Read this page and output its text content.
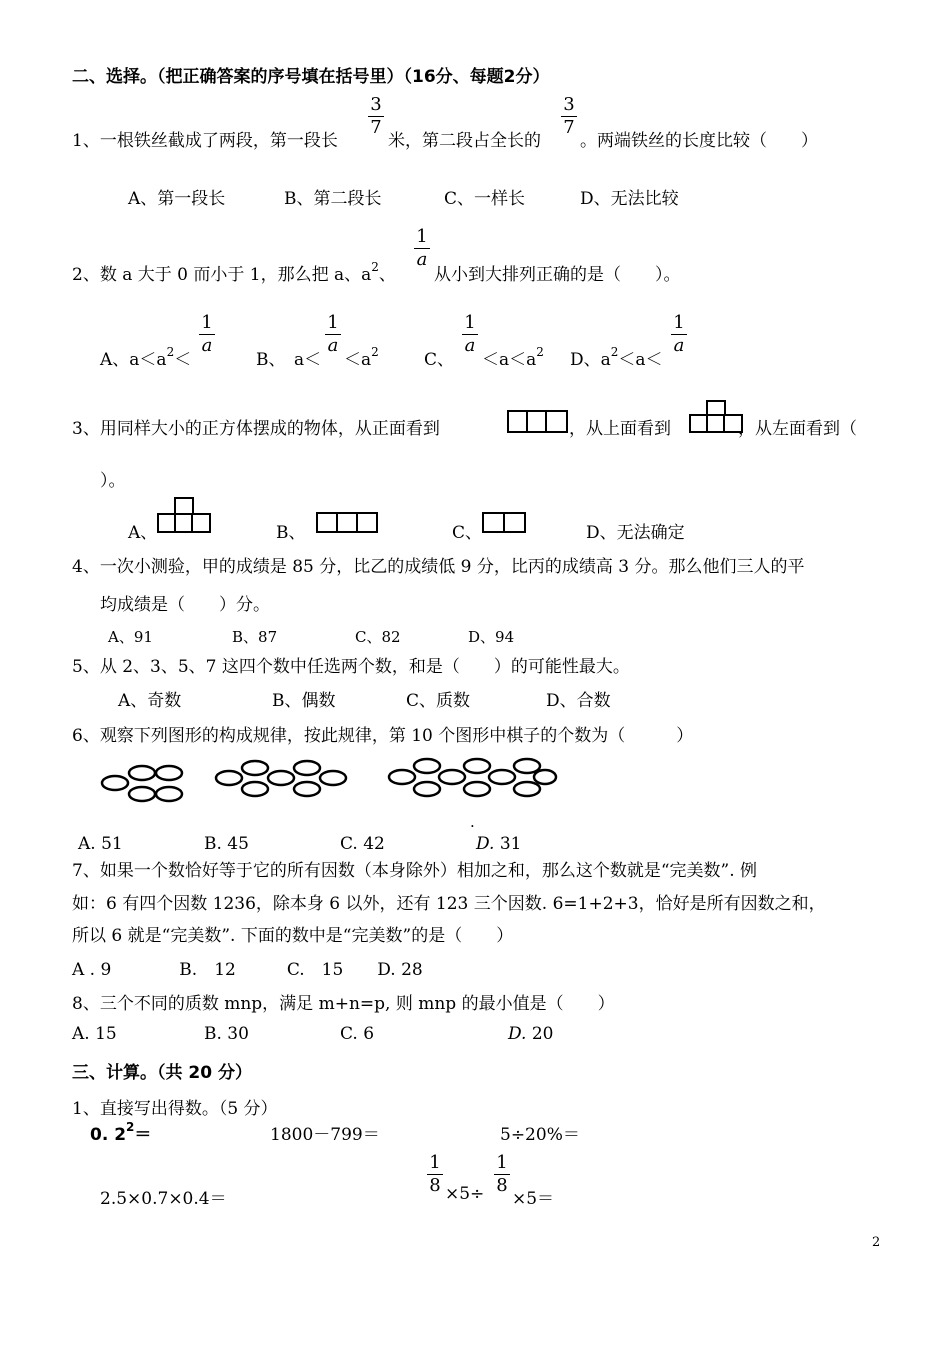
二、选择。（把正确答案的序号填在括号里）（16分、每题2分）
1、一根铁丝截成了两段，第一段长
3
7
米，第二段占全长的
3
7
。两端铁丝的长度比较（　　）
A、第一段长	B、第二段长	C、一样长	D、无法比较
2、数 a 大于 0 而小于 1，那么把 a、$a^2$、
1
a
从小到大排列正确的是（　　）。
A、$a<a^2<$
1
a
B、　a＜
1
a
$<a^2$	C、
1
a
$<a<a^2$ D、$a^2<a<$
1
a
3、用同样大小的正方体摆成的物体，从正面看到	，从上面看到	，从左面看到（
）。
A、	B、	C、	D、无法确定
4、一次小测验，甲的成绩是 85 分，比乙的成绩低 9 分，比丙的成绩高 3 分。那么他们三人的平
均成绩是（　　）分。
A、91	B、87	C、82	D、94
5、从 2、3、5、7 这四个数中任选两个数，和是（　　）的可能性最大。
A、奇数	B、偶数	C、质数	D、合数
6、观察下列图形的构成规律，按此规律，第 10 个图形中棋子的个数为（　　　）
.
A. 51	B. 45	C. 42	D. 31
7、如果一个数恰好等于它的所有因数（本身除外）相加之和，那么这个数就是“完美数”. 例
如：6 有四个因数 1236，除本身 6 以外，还有 123 三个因数. 6=1+2+3，恰好是所有因数之和，
所以 6 就是“完美数”. 下面的数中是“完美数”的是（　　）
A . 9　　　　B.　12　　　C.　15　　D. 28
8、三个不同的质数 mnp，满足 m+n=p, 则 mnp 的最小值是（　　）
A. 15	B. 30	C. 6	D. 20
三、计算。（共 20 分）
1、直接写出得数。（5 分）
0. $2^2=$	1800－799＝	5÷20%＝
2.5×0.7×0.4＝
1
8 ×5÷
1
8
×5＝
2
